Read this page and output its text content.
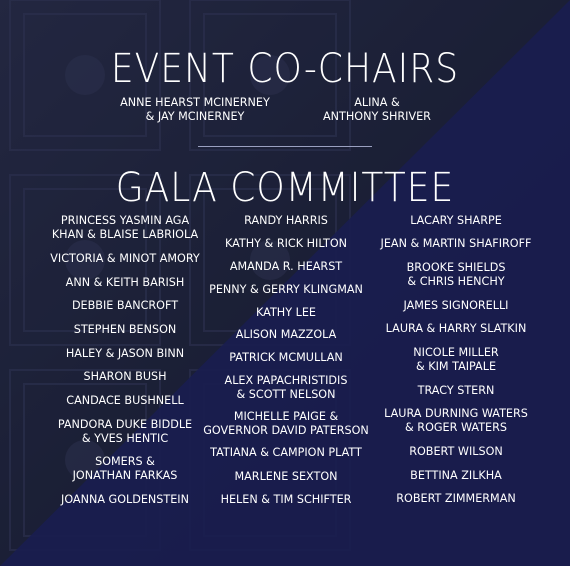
EVENT CO-CHAIRS
ANNE HEARST MCINERNEY
& JAY MCINERNEY
ALINA &
ANTHONY SHRIVER
GALA COMMITTEE
PRINCESS YASMIN AGA
KHAN & BLAISE LABRIOLA
VICTORIA & MINOT AMORY
ANN & KEITH BARISH
DEBBIE BANCROFT
STEPHEN BENSON
HALEY & JASON BINN
SHARON BUSH
CANDACE BUSHNELL
PANDORA DUKE BIDDLE
& YVES HENTIC
SOMERS &
JONATHAN FARKAS
JOANNA GOLDENSTEIN
RANDY HARRIS
KATHY & RICK HILTON
AMANDA R. HEARST
PENNY & GERRY KLINGMAN
KATHY LEE
ALISON MAZZOLA
PATRICK MCMULLAN
ALEX PAPACHRISTIDIS
& SCOTT NELSON
MICHELLE PAIGE &
GOVERNOR DAVID PATERSON
TATIANA & CAMPION PLATT
MARLENE SEXTON
HELEN & TIM SCHIFTER
LACARY SHARPE
JEAN & MARTIN SHAFIROFF
BROOKE SHIELDS
& CHRIS HENCHY
JAMES SIGNORELLI
LAURA & HARRY SLATKIN
NICOLE MILLER
& KIM TAIPALE
TRACY STERN
LAURA DURNING WATERS
& ROGER WATERS
ROBERT WILSON
BETTINA ZILKHA
ROBERT ZIMMERMAN
